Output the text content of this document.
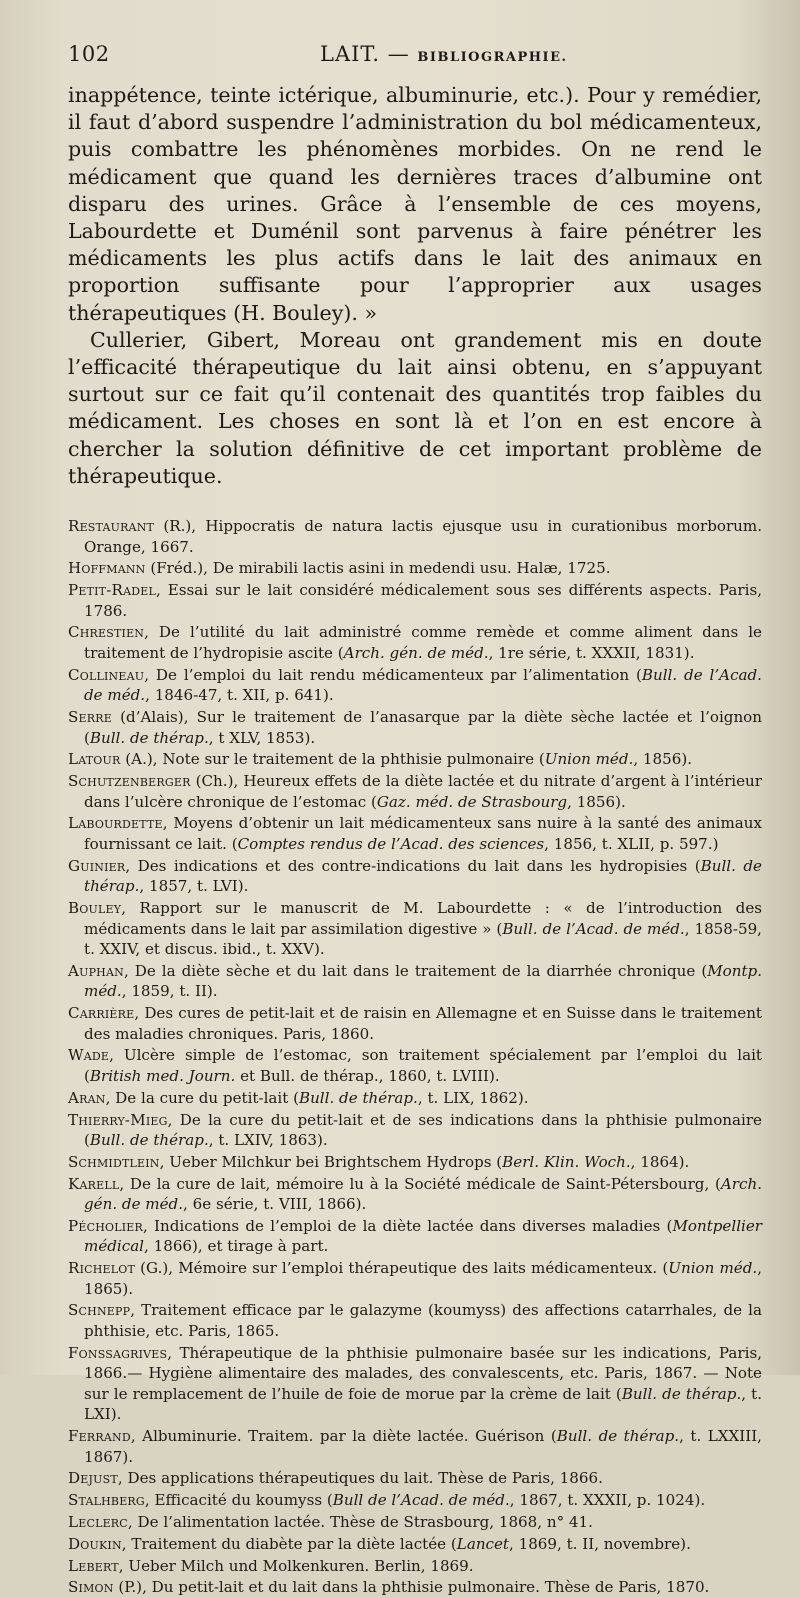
102	LAIT. — BIBLIOGRAPHIE.

inappétence, teinte ictérique, albuminurie, etc.). Pour y remédier, il faut d’abord suspendre l’administration du bol médicamenteux, puis combattre les phénomènes morbides. On ne rend le médicament que quand les dernières traces d’albumine ont disparu des urines. Grâce à l’ensemble de ces moyens, Labourdette et Duménil sont parvenus à faire pénétrer les médicaments les plus actifs dans le lait des animaux en proportion suffisante pour l’approprier aux usages thérapeutiques (H. Bouley). »

Cullerier, Gibert, Moreau ont grandement mis en doute l’efficacité thérapeutique du lait ainsi obtenu, en s’appuyant surtout sur ce fait qu’il contenait des quantités trop faibles du médicament. Les choses en sont là et l’on en est encore à chercher la solution définitive de cet important problème de thérapeutique.

Restaurant (R.), Hippocratis de natura lactis ejusque usu in curationibus morborum. Orange, 1667.

Hoffmann (Fréd.), De mirabili lactis asini in medendi usu. Halæ, 1725.

Petit-Radel, Essai sur le lait considéré médicalement sous ses différents aspects. Paris, 1786.

Chrestien, De l’utilité du lait administré comme remède et comme aliment dans le traitement de l’hydropisie ascite (Arch. gén. de méd., 1re série, t. XXXII, 1831).

Collineau, De l’emploi du lait rendu médicamenteux par l’alimentation (Bull. de l’Acad. de méd., 1846-47, t. XII, p. 641).

Serre (d’Alais), Sur le traitement de l’anasarque par la diète sèche lactée et l’oignon (Bull. de thérap., t XLV, 1853).

Latour (A.), Note sur le traitement de la phthisie pulmonaire (Union méd., 1856).

Schutzenberger (Ch.), Heureux effets de la diète lactée et du nitrate d’argent à l’intérieur dans l’ulcère chronique de l’estomac (Gaz. méd. de Strasbourg, 1856).

Labourdette, Moyens d’obtenir un lait médicamenteux sans nuire à la santé des animaux fournissant ce lait. (Comptes rendus de l’Acad. des sciences, 1856, t. XLII, p. 597.)

Guinier, Des indications et des contre-indications du lait dans les hydropisies (Bull. de thérap., 1857, t. LVI).

Bouley, Rapport sur le manuscrit de M. Labourdette : « de l’introduction des médicaments dans le lait par assimilation digestive » (Bull. de l’Acad. de méd., 1858-59, t. XXIV, et discus. ibid., t. XXV).

Auphan, De la diète sèche et du lait dans le traitement de la diarrhée chronique (Montp. méd., 1859, t. II).

Carrière, Des cures de petit-lait et de raisin en Allemagne et en Suisse dans le traitement des maladies chroniques. Paris, 1860.

Wade, Ulcère simple de l’estomac, son traitement spécialement par l’emploi du lait (British med. Journ. et Bull. de thérap., 1860, t. LVIII).

Aran, De la cure du petit-lait (Bull. de thérap., t. LIX, 1862).

Thierry-Mieg, De la cure du petit-lait et de ses indications dans la phthisie pulmonaire (Bull. de thérap., t. LXIV, 1863).

Schmidtlein, Ueber Milchkur bei Brightschem Hydrops (Berl. Klin. Woch., 1864).

Karell, De la cure de lait, mémoire lu à la Société médicale de Saint-Pétersbourg, (Arch. gén. de méd., 6e série, t. VIII, 1866).

Pécholier, Indications de l’emploi de la diète lactée dans diverses maladies (Montpellier médical, 1866), et tirage à part.

Richelot (G.), Mémoire sur l’emploi thérapeutique des laits médicamenteux. (Union méd., 1865).

Schnepp, Traitement efficace par le galazyme (koumyss) des affections catarrhales, de la phthisie, etc. Paris, 1865.

Fonssagrives, Thérapeutique de la phthisie pulmonaire basée sur les indications, Paris, 1866.— Hygiène alimentaire des malades, des convalescents, etc. Paris, 1867. — Note sur le remplacement de l’huile de foie de morue par la crème de lait (Bull. de thérap., t. LXI).

Ferrand, Albuminurie. Traitem. par la diète lactée. Guérison (Bull. de thérap., t. LXXIII, 1867).

Dejust, Des applications thérapeutiques du lait. Thèse de Paris, 1866.

Stalhberg, Efficacité du koumyss (Bull de l’Acad. de méd., 1867, t. XXXII, p. 1024).

Leclerc, De l’alimentation lactée. Thèse de Strasbourg, 1868, n° 41.

Doukin, Traitement du diabète par la diète lactée (Lancet, 1869, t. II, novembre).

Lebert, Ueber Milch und Molkenkuren. Berlin, 1869.

Simon (P.), Du petit-lait et du lait dans la phthisie pulmonaire. Thèse de Paris, 1870.
